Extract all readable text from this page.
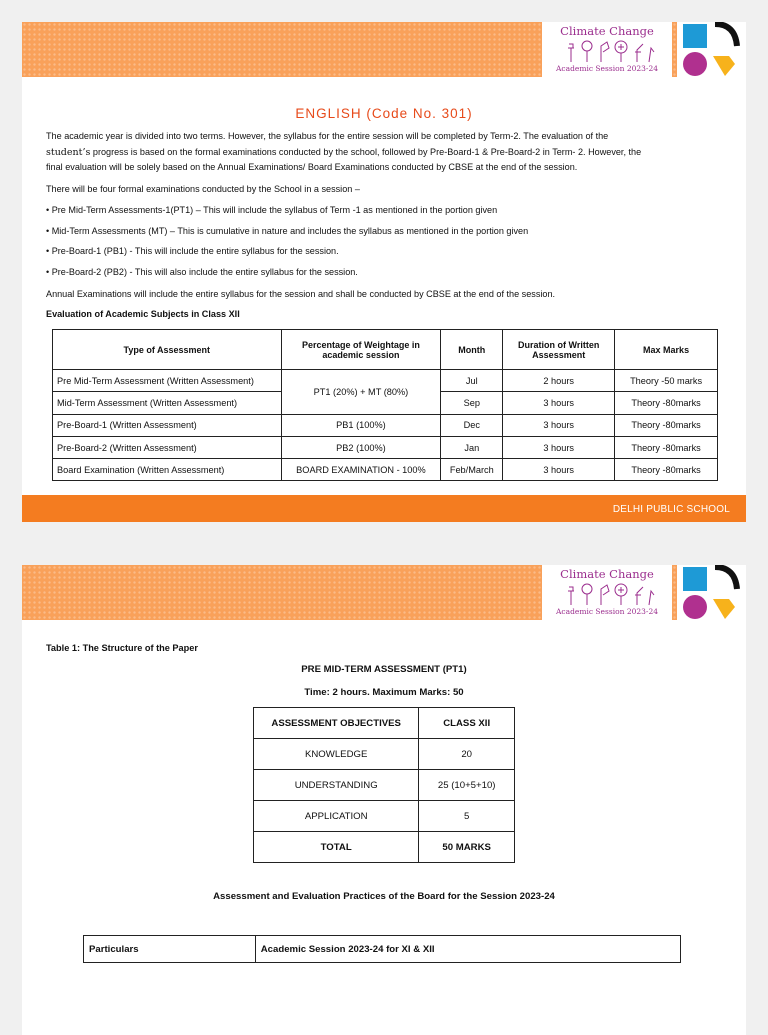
Climate Change
Academic Session 2023-24
ENGLISH (Code No. 301)
The academic year is divided into two terms. However, the syllabus for the entire session will be completed by Term-2. The evaluation of the
student’s progress is based on the formal examinations conducted by the school, followed by Pre-Board-1 & Pre-Board-2 in Term- 2. However, the
final evaluation will be solely based on the Annual Examinations/ Board Examinations conducted by CBSE at the end of the session.
There will be four formal examinations conducted by the School in a session –
• Pre Mid-Term Assessments-1(PT1) – This will include the syllabus of Term -1 as mentioned in the portion given
• Mid-Term Assessments (MT) – This is cumulative in nature and includes the syllabus as mentioned in the portion given
• Pre-Board-1 (PB1) - This will include the entire syllabus for the session.
• Pre-Board-2 (PB2) - This will also include the entire syllabus for the session.
Annual Examinations will include the entire syllabus for the session and shall be conducted by CBSE at the end of the session.
Evaluation of Academic Subjects in Class XII
Type of Assessment	Percentage of Weightage in academic session	Month	Duration of Written Assessment	Max Marks
Pre Mid-Term Assessment (Written Assessment)	PT1 (20%) + MT (80%)	Jul	2 hours	Theory -50 marks
Mid-Term Assessment (Written Assessment)		Sep	3 hours	Theory -80marks
Pre-Board-1 (Written Assessment)	PB1 (100%)	Dec	3 hours	Theory -80marks
Pre-Board-2 (Written Assessment)	PB2 (100%)	Jan	3 hours	Theory -80marks
Board Examination (Written Assessment)	BOARD EXAMINATION - 100%	Feb/March	3 hours	Theory -80marks
DELHI PUBLIC SCHOOL
Climate Change
Academic Session 2023-24
Table 1: The Structure of the Paper
PRE MID-TERM ASSESSMENT (PT1)
Time: 2 hours. Maximum Marks: 50
ASSESSMENT OBJECTIVES	CLASS XII
KNOWLEDGE	20
UNDERSTANDING	25 (10+5+10)
APPLICATION	5
TOTAL	50 MARKS
Assessment and Evaluation Practices of the Board for the Session 2023-24
Particulars	Academic Session 2023-24 for XI & XII
